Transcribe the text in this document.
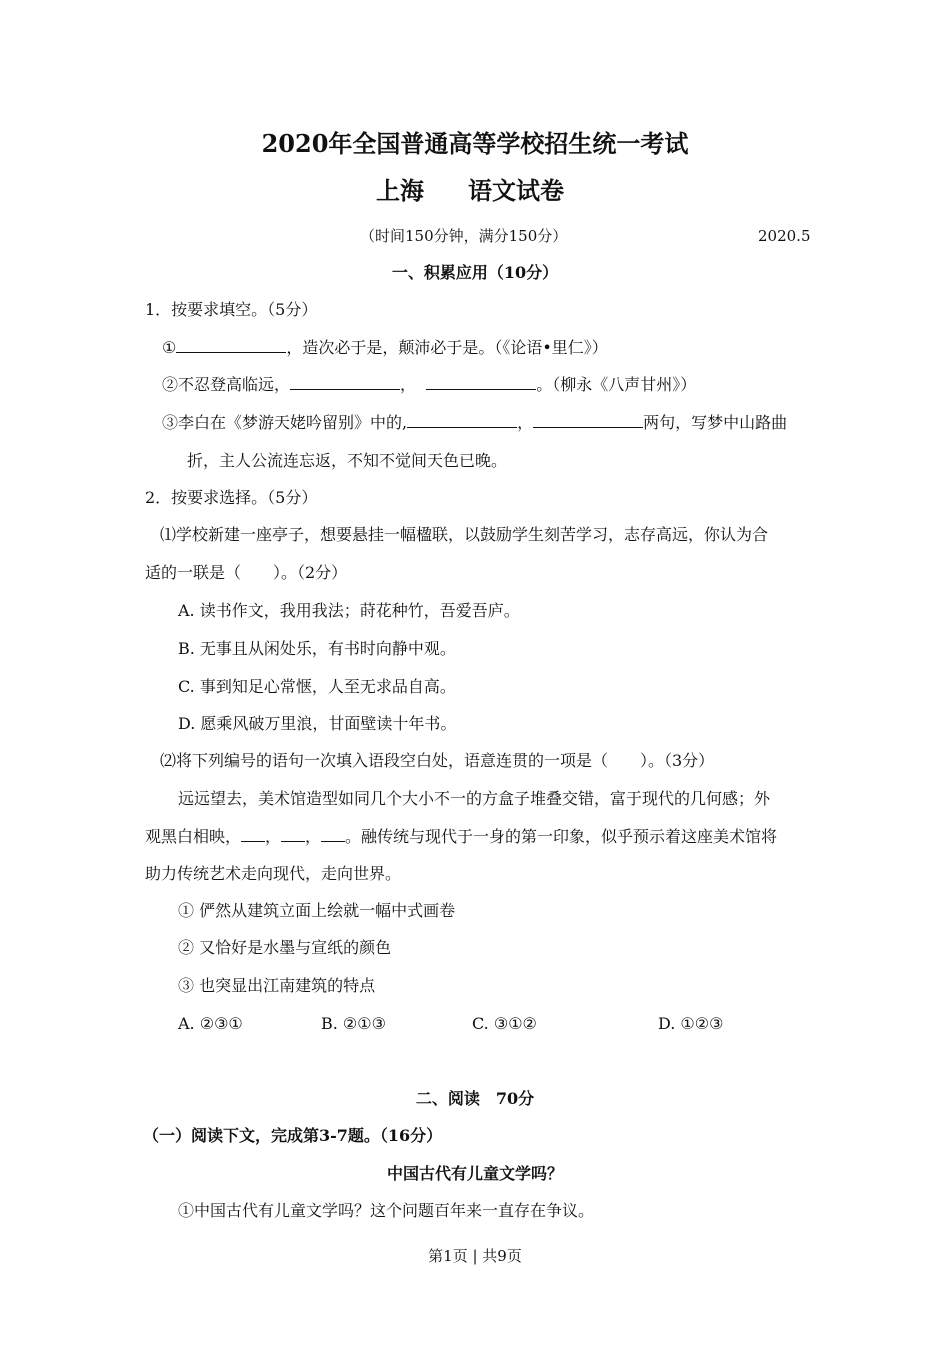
2020年全国普通高等学校招生统一考试
上海 语文试卷
（时间150分钟，满分150分）	2020.5
一、积累应用（10分）
1．按要求填空。（5分）
①	，造次必于是，颠沛必于是。（《论语•里仁》）
②不忍登高临远，	，	。（柳永《八声甘州》）
③李白在《梦游天姥吟留别》中的,	，	两句，写梦中山路曲
折，主人公流连忘返，不知不觉间天色已晚。
2．按要求选择。（5分）
⑴学校新建一座亭子，想要悬挂一幅楹联，以鼓励学生刻苦学习，志存高远，你认为合
适的一联是（　　）。（2分）
A. 读书作文，我用我法；莳花种竹，吾爱吾庐。
B. 无事且从闲处乐，有书时向静中观。
C. 事到知足心常惬，人至无求品自高。
D. 愿乘风破万里浪，甘面壁读十年书。
⑵将下列编号的语句一次填入语段空白处，语意连贯的一项是（　　）。（3分）
远远望去，美术馆造型如同几个大小不一的方盒子堆叠交错，富于现代的几何感；外
观黑白相映， ， ， 。融传统与现代于一身的第一印象，似乎预示着这座美术馆将
助力传统艺术走向现代，走向世界。
① 俨然从建筑立面上绘就一幅中式画卷
② 又恰好是水墨与宣纸的颜色
③ 也突显出江南建筑的特点
A. ②③①	B. ②①③	C. ③①②	D. ①②③
二、阅读　70分
（一）阅读下文，完成第3-7题。（16分）
中国古代有儿童文学吗？
①中国古代有儿童文学吗？这个问题百年来一直存在争议。
第1页 | 共9页
